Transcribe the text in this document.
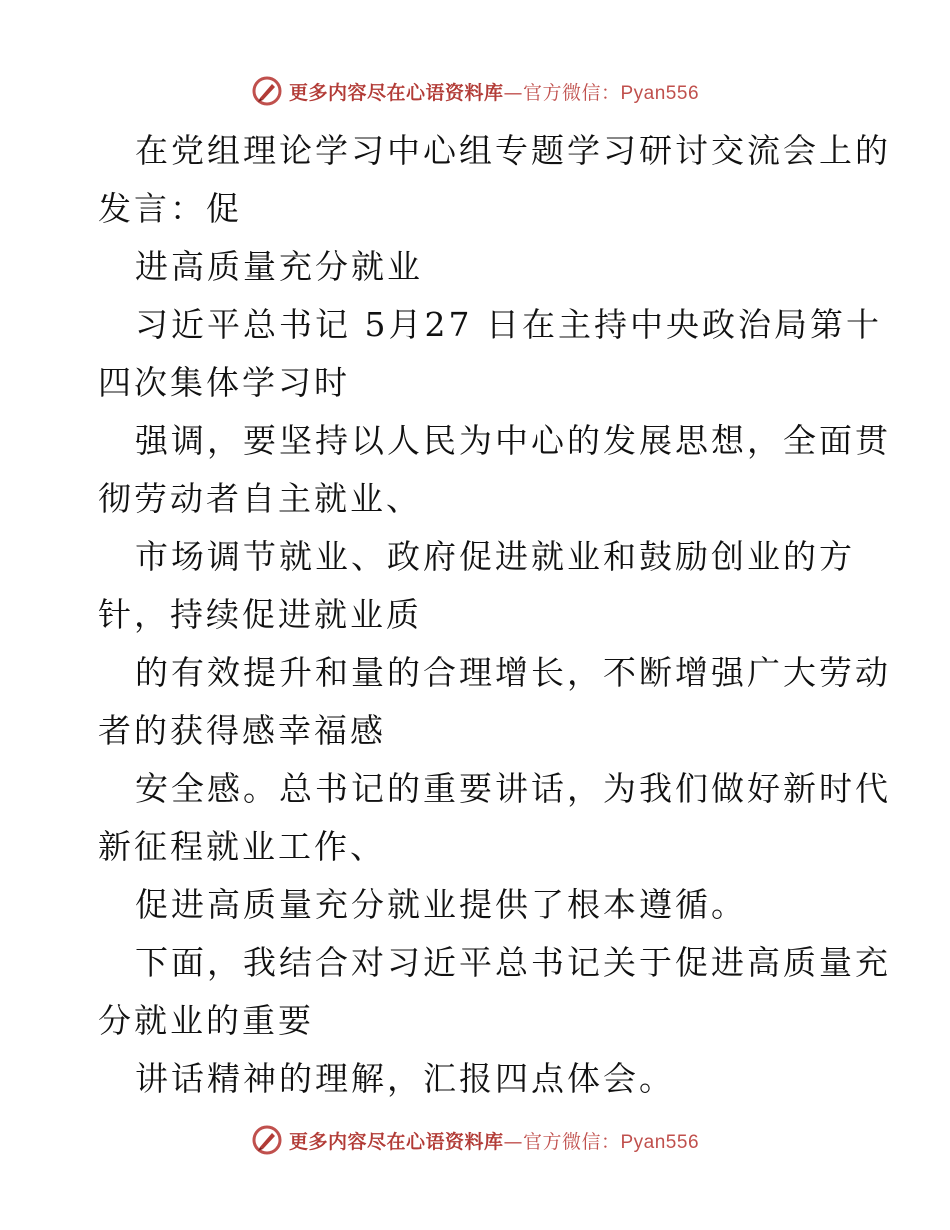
更多内容尽在心语资料库—官方微信：Pyan556

在党组理论学习中心组专题学习研讨交流会上的

发言：促

进高质量充分就业

习近平总书记 5月27 日在主持中央政治局第十

四次集体学习时

强调，要坚持以人民为中心的发展思想，全面贯

彻劳动者自主就业、

市场调节就业、政府促进就业和鼓励创业的方

针，持续促进就业质

的有效提升和量的合理增长，不断增强广大劳动

者的获得感幸福感

安全感。总书记的重要讲话，为我们做好新时代

新征程就业工作、

促进高质量充分就业提供了根本遵循。

下面，我结合对习近平总书记关于促进高质量充

分就业的重要

讲话精神的理解，汇报四点体会。

更多内容尽在心语资料库—官方微信：Pyan556
